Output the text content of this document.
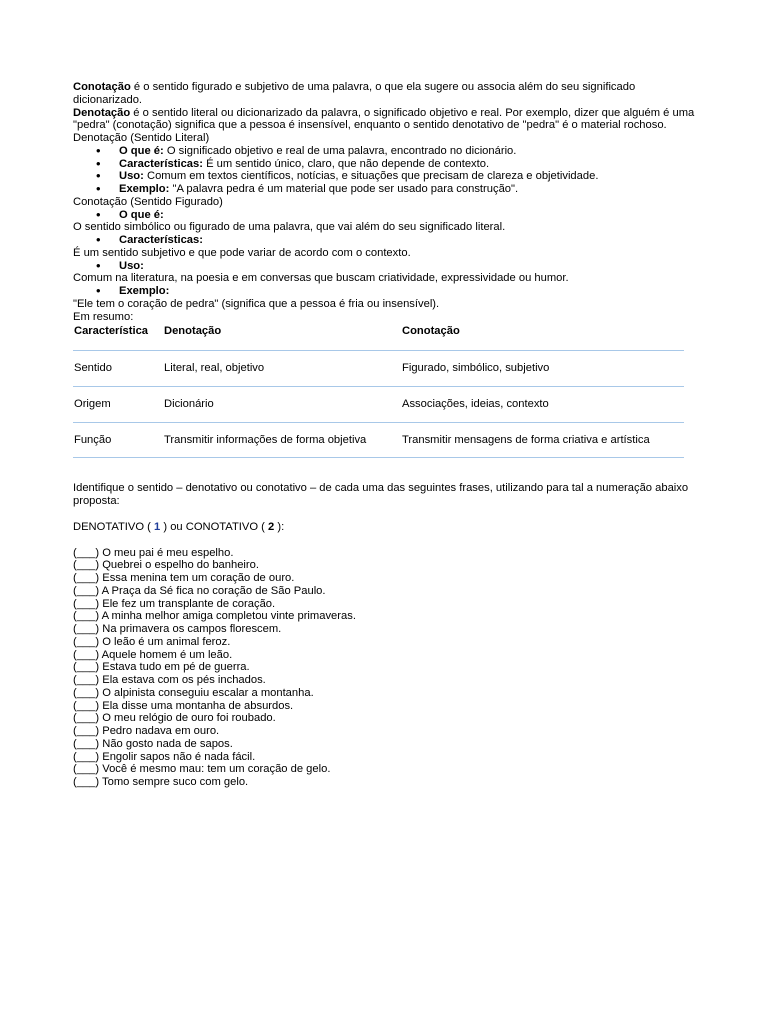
Conotação é o sentido figurado e subjetivo de uma palavra, o que ela sugere ou associa além do seu significado dicionarizado.

Denotação é o sentido literal ou dicionarizado da palavra, o significado objetivo e real. Por exemplo, dizer que alguém é uma "pedra" (conotação) significa que a pessoa é insensível, enquanto o sentido denotativo de "pedra" é o material rochoso.

Denotação (Sentido Literal)

• O que é: O significado objetivo e real de uma palavra, encontrado no dicionário.
• Características: É um sentido único, claro, que não depende de contexto.
• Uso: Comum em textos científicos, notícias, e situações que precisam de clareza e objetividade.
• Exemplo: "A palavra pedra é um material que pode ser usado para construção".

Conotação (Sentido Figurado)

• O que é:

O sentido simbólico ou figurado de uma palavra, que vai além do seu significado literal.

• Características:

É um sentido subjetivo e que pode variar de acordo com o contexto.

• Uso:

Comum na literatura, na poesia e em conversas que buscam criatividade, expressividade ou humor.

• Exemplo:

"Ele tem o coração de pedra" (significa que a pessoa é fria ou insensível).

Em resumo:

Característica	Denotação	Conotação
Sentido	Literal, real, objetivo	Figurado, simbólico, subjetivo
Origem	Dicionário	Associações, ideias, contexto
Função	Transmitir informações de forma objetiva	Transmitir mensagens de forma criativa e artística

Identifique o sentido – denotativo ou conotativo – de cada uma das seguintes frases, utilizando para tal a numeração abaixo proposta:

DENOTATIVO ( 1 ) ou CONOTATIVO ( 2 ):

(___) O meu pai é meu espelho.

(___) Quebrei o espelho do banheiro.

(___) Essa menina tem um coração de ouro.

(___) A Praça da Sé fica no coração de São Paulo.

(___) Ele fez um transplante de coração.

(___) A minha melhor amiga completou vinte primaveras.

(___) Na primavera os campos florescem.

(___) O leão é um animal feroz.

(___) Aquele homem é um leão.

(___) Estava tudo em pé de guerra.

(___) Ela estava com os pés inchados.

(___) O alpinista conseguiu escalar a montanha.

(___) Ela disse uma montanha de absurdos.

(___) O meu relógio de ouro foi roubado.

(___) Pedro nadava em ouro.

(___) Não gosto nada de sapos.

(___) Engolir sapos não é nada fácil.

(___) Você é mesmo mau: tem um coração de gelo.

(___) Tomo sempre suco com gelo.
